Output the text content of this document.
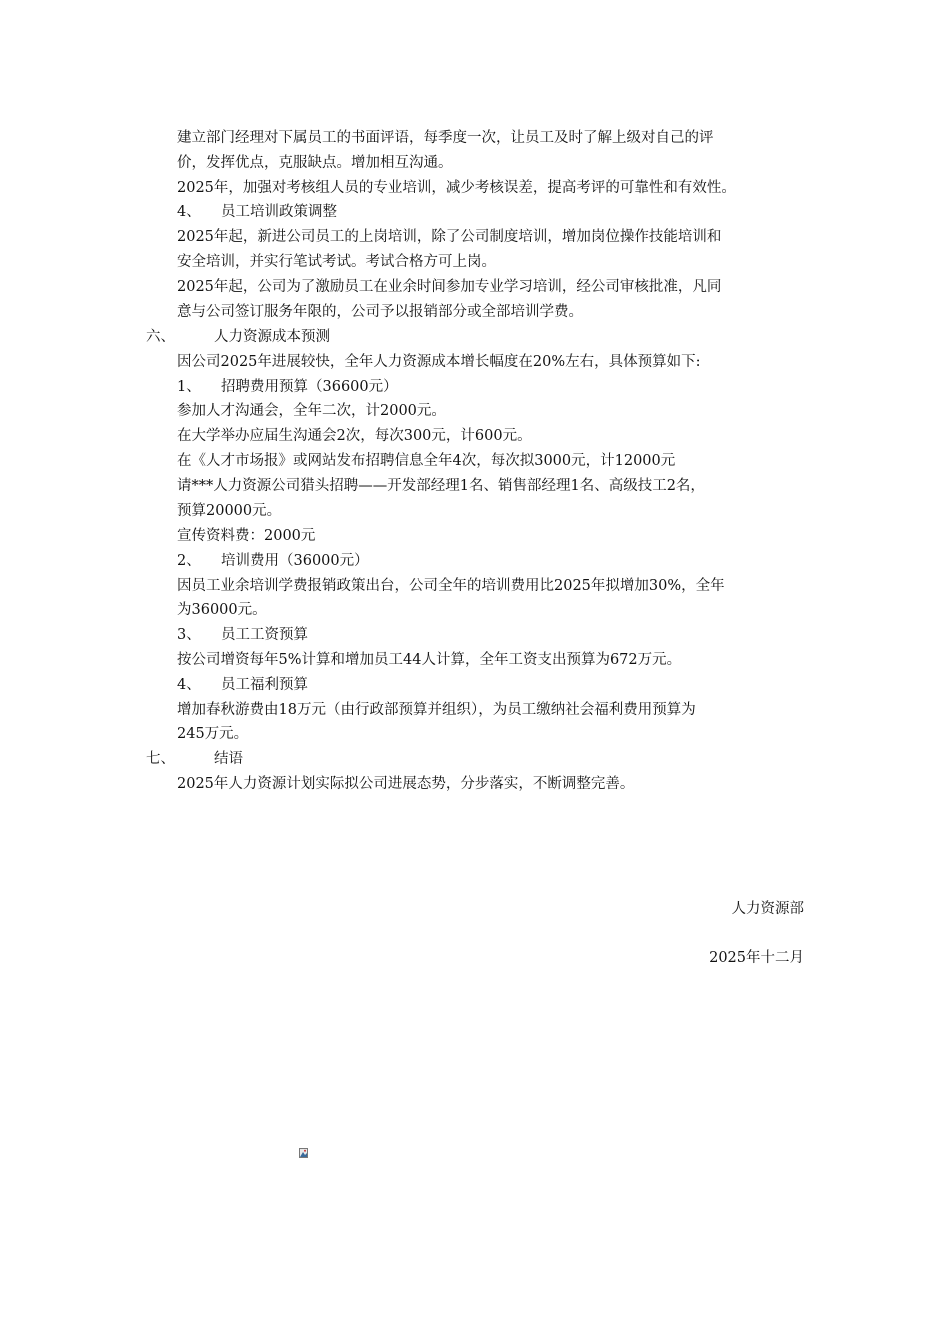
建立部门经理对下属员工的书面评语，每季度一次，让员工及时了解上级对自己的评

价，发挥优点，克服缺点。增加相互沟通。

2025年，加强对考核组人员的专业培训，减少考核误差，提高考评的可靠性和有效性。

4、 员工培训政策调整

2025年起，新进公司员工的上岗培训，除了公司制度培训，增加岗位操作技能培训和

安全培训，并实行笔试考试。考试合格方可上岗。

2025年起，公司为了激励员工在业余时间参加专业学习培训，经公司审核批准，凡同

意与公司签订服务年限的，公司予以报销部分或全部培训学费。

六、	人力资源成本预测

因公司2025年进展较快，全年人力资源成本增长幅度在20%左右，具体预算如下:

1、 招聘费用预算（36600元）

参加人才沟通会，全年二次，计2000元。

在大学举办应届生沟通会2次，每次300元，计600元。

在《人才市场报》或网站发布招聘信息全年4次，每次拟3000元，计12000元

请***人力资源公司猎头招聘——开发部经理1名、销售部经理1名、高级技工2名，

预算20000元。

宣传资料费：2000元

2、 培训费用（36000元）

因员工业余培训学费报销政策出台，公司全年的培训费用比2025年拟增加30%，全年

为36000元。

3、 员工工资预算

按公司增资每年5%计算和增加员工44人计算，全年工资支出预算为672万元。

4、 员工福利预算

增加春秋游费由18万元（由行政部预算并组织），为员工缴纳社会福利费用预算为

245万元。

七、	结语

2025年人力资源计划实际拟公司进展态势，分步落实，不断调整完善。

人力资源部

2025年十二月
